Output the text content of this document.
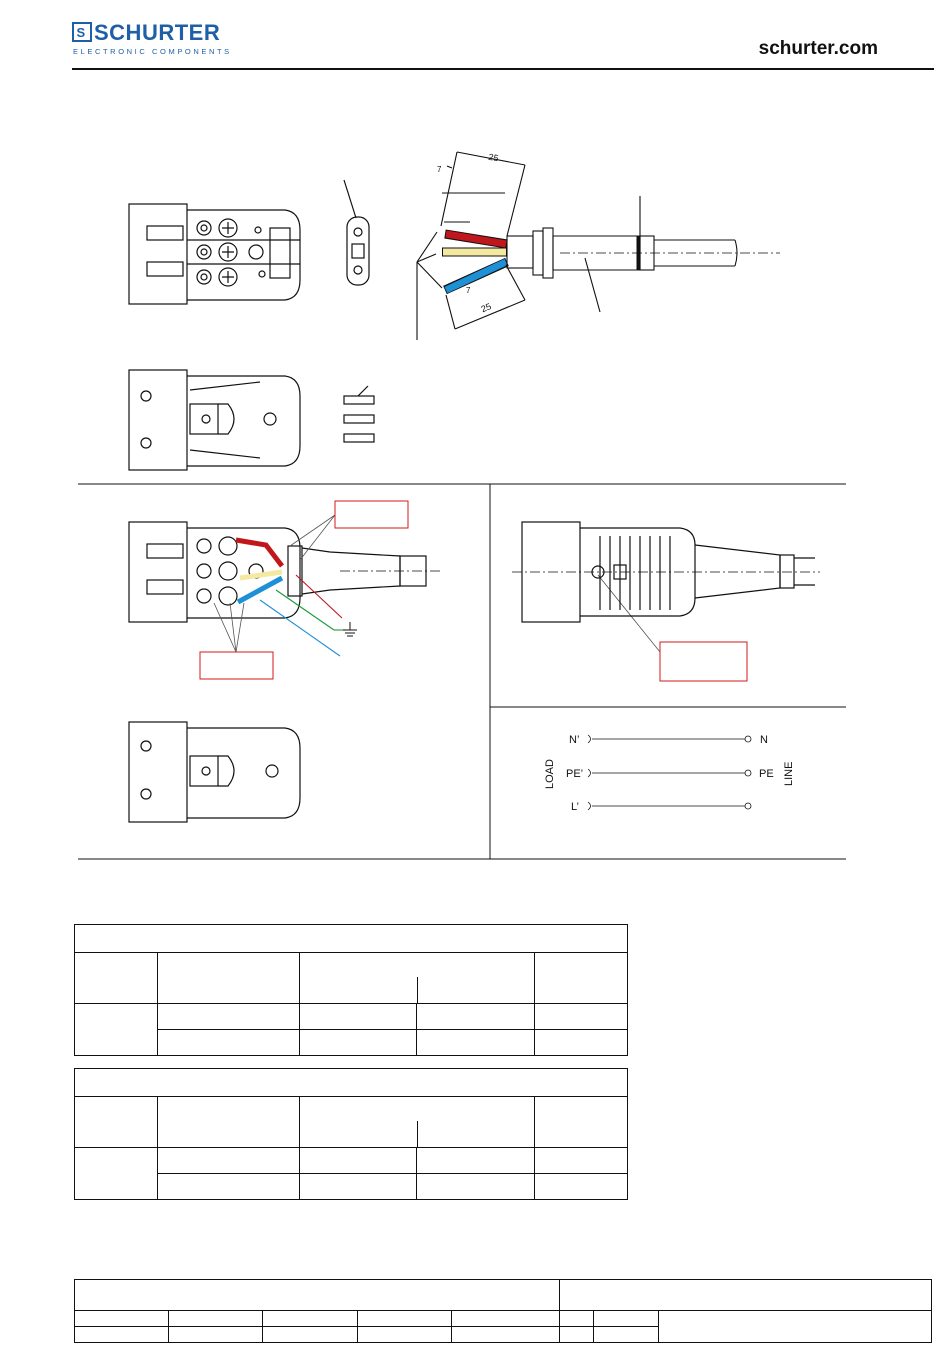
S SCHURTER
ELECTRONIC COMPONENTS	schurter.com
25
7
25
7
N’
PE’
L’
N
PE
LOAD	LINE
